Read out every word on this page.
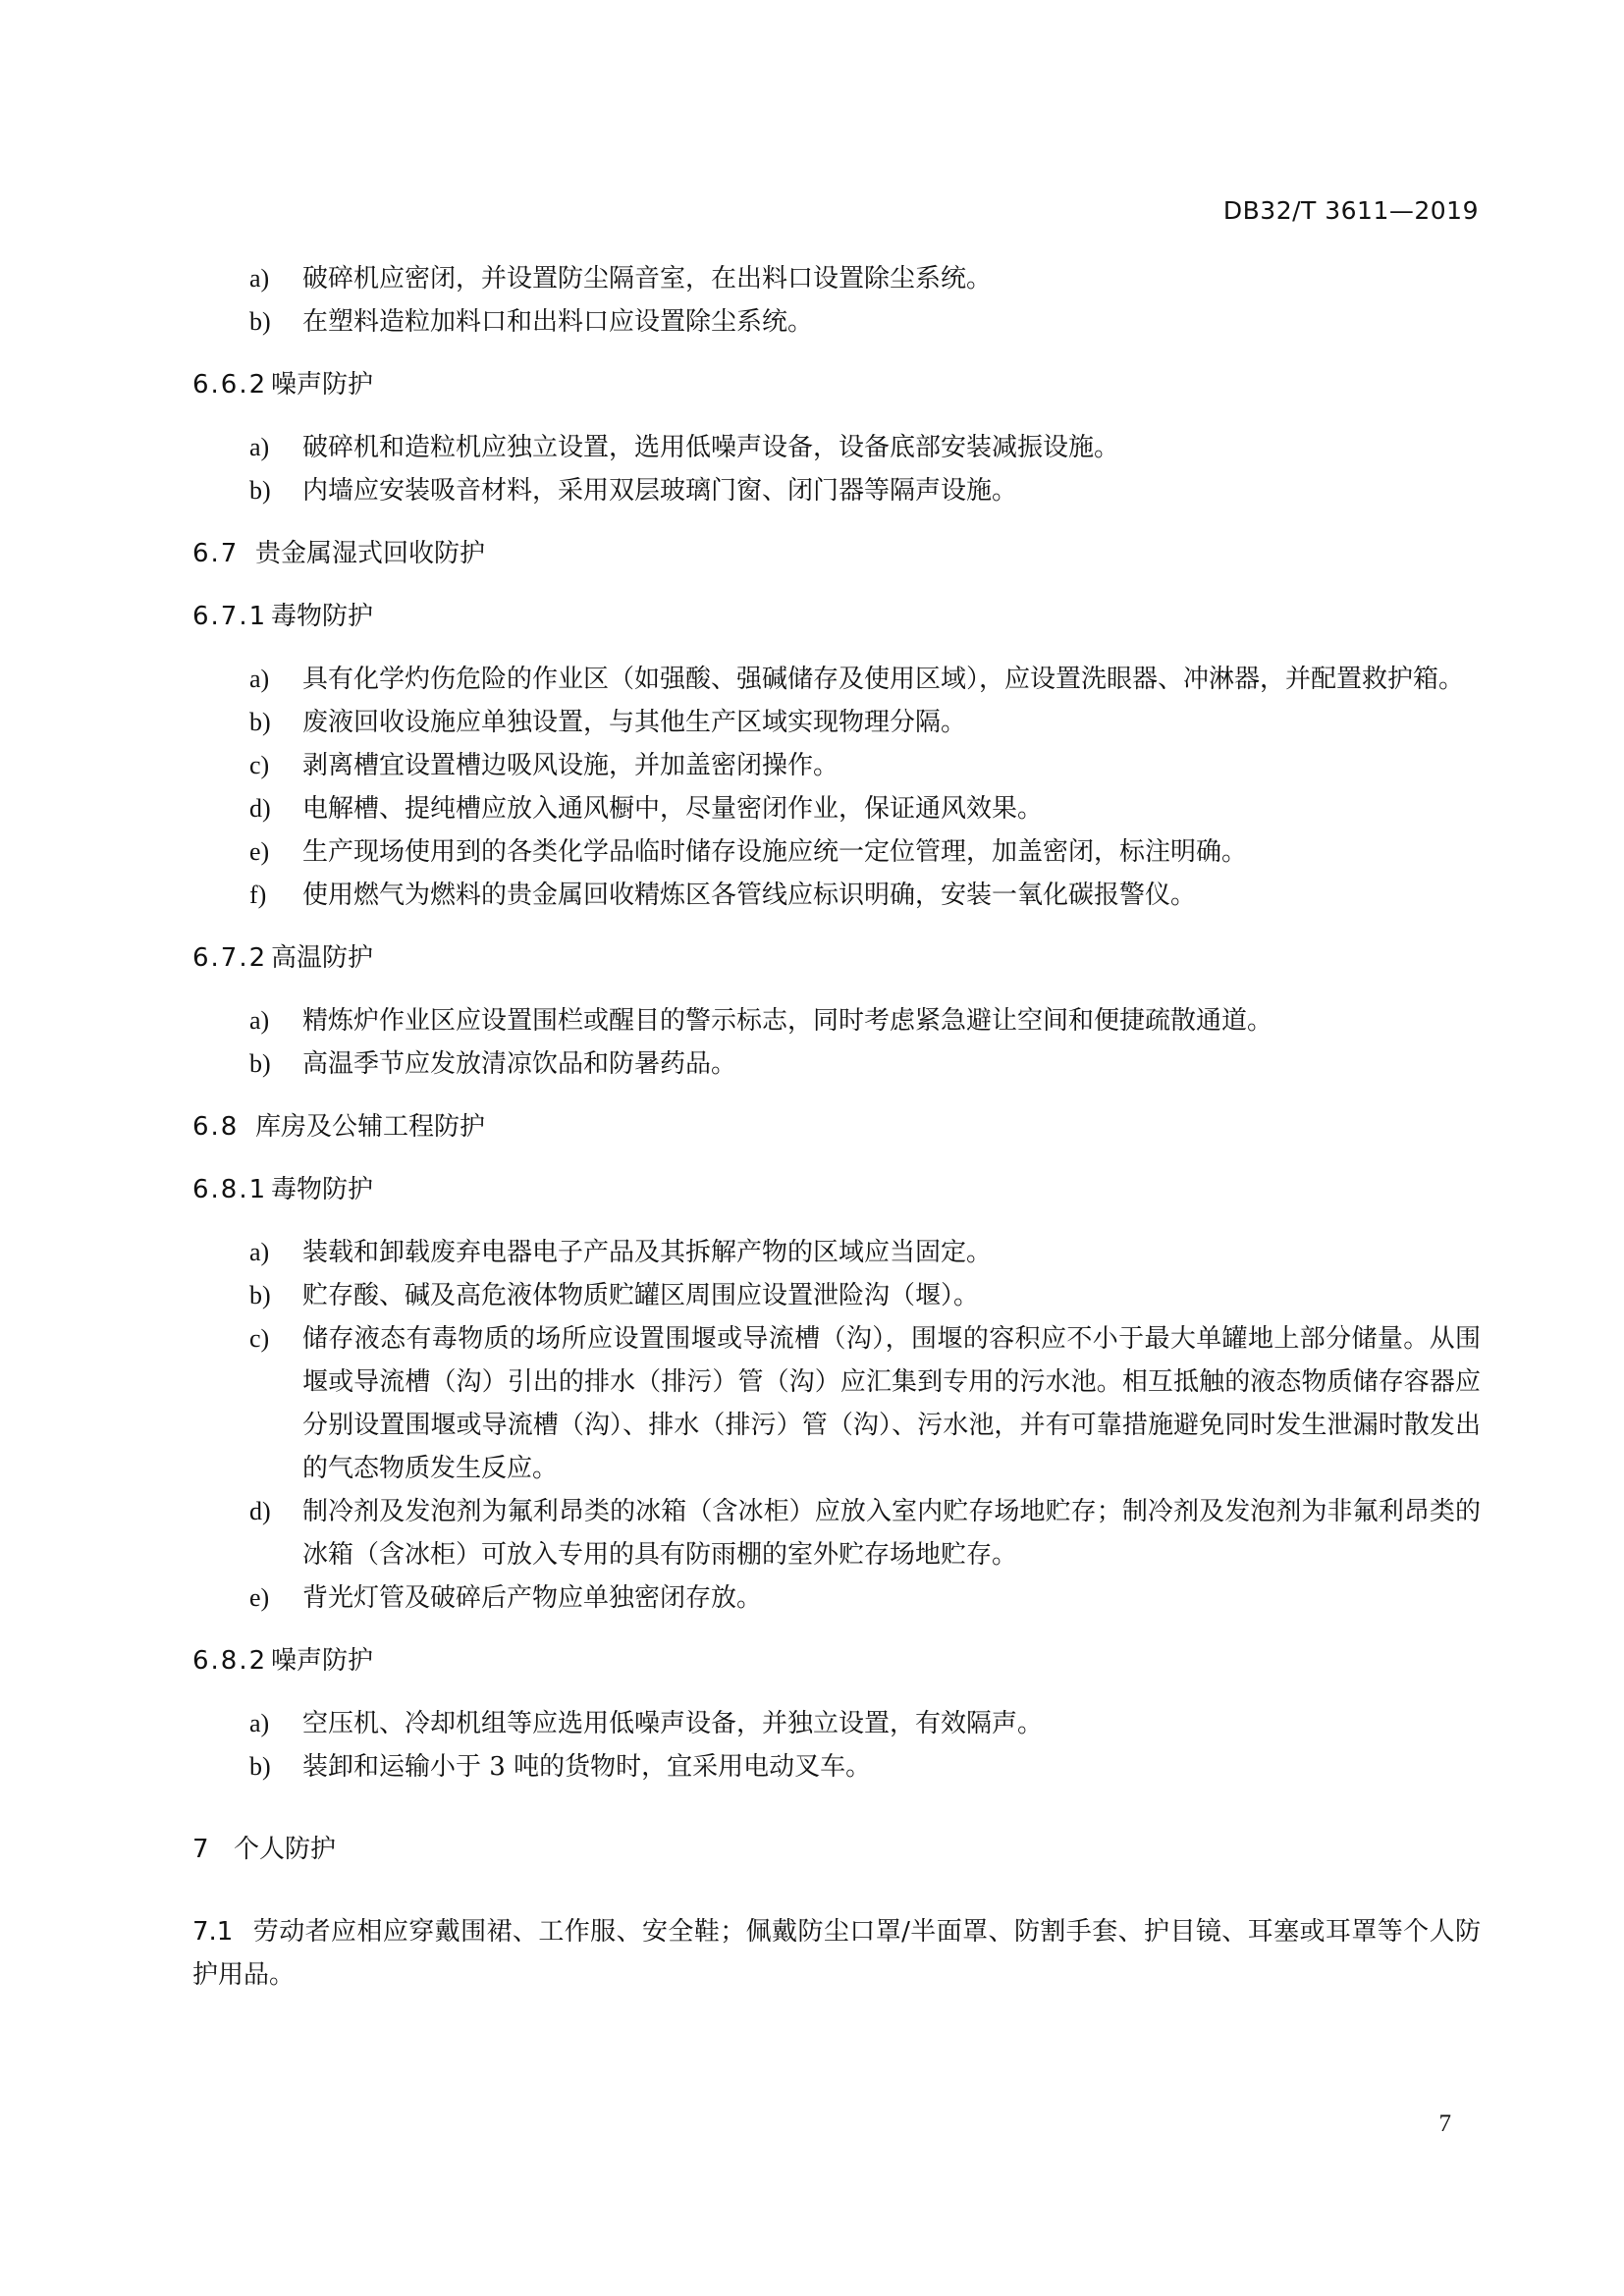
DB32/T 3611—2019
a) 破碎机应密闭，并设置防尘隔音室，在出料口设置除尘系统。
b) 在塑料造粒加料口和出料口应设置除尘系统。

6.6.2 噪声防护

a) 破碎机和造粒机应独立设置，选用低噪声设备，设备底部安装减振设施。
b) 内墙应安装吸音材料，采用双层玻璃门窗、闭门器等隔声设施。

6.7 贵金属湿式回收防护

6.7.1 毒物防护

a) 具有化学灼伤危险的作业区（如强酸、强碱储存及使用区域），应设置洗眼器、冲淋器，并配置救护箱。
b) 废液回收设施应单独设置，与其他生产区域实现物理分隔。
c) 剥离槽宜设置槽边吸风设施，并加盖密闭操作。
d) 电解槽、提纯槽应放入通风橱中，尽量密闭作业，保证通风效果。
e) 生产现场使用到的各类化学品临时储存设施应统一定位管理，加盖密闭，标注明确。
f) 使用燃气为燃料的贵金属回收精炼区各管线应标识明确，安装一氧化碳报警仪。

6.7.2 高温防护

a) 精炼炉作业区应设置围栏或醒目的警示标志，同时考虑紧急避让空间和便捷疏散通道。
b) 高温季节应发放清凉饮品和防暑药品。

6.8 库房及公辅工程防护

6.8.1 毒物防护

a) 装载和卸载废弃电器电子产品及其拆解产物的区域应当固定。
b) 贮存酸、碱及高危液体物质贮罐区周围应设置泄险沟（堰）。
c) 储存液态有毒物质的场所应设置围堰或导流槽（沟），围堰的容积应不小于最大单罐地上部分储量。从围堰或导流槽（沟）引出的排水（排污）管（沟）应汇集到专用的污水池。相互抵触的液态物质储存容器应分别设置围堰或导流槽（沟）、排水（排污）管（沟）、污水池，并有可靠措施避免同时发生泄漏时散发出的气态物质发生反应。
d) 制冷剂及发泡剂为氟利昂类的冰箱（含冰柜）应放入室内贮存场地贮存；制冷剂及发泡剂为非氟利昂类的冰箱（含冰柜）可放入专用的具有防雨棚的室外贮存场地贮存。
e) 背光灯管及破碎后产物应单独密闭存放。

6.8.2 噪声防护

a) 空压机、冷却机组等应选用低噪声设备，并独立设置，有效隔声。
b) 装卸和运输小于 3 吨的货物时，宜采用电动叉车。

7 个人防护

7.1 劳动者应相应穿戴围裙、工作服、安全鞋；佩戴防尘口罩/半面罩、防割手套、护目镜、耳塞或耳罩等个人防护用品。

7
